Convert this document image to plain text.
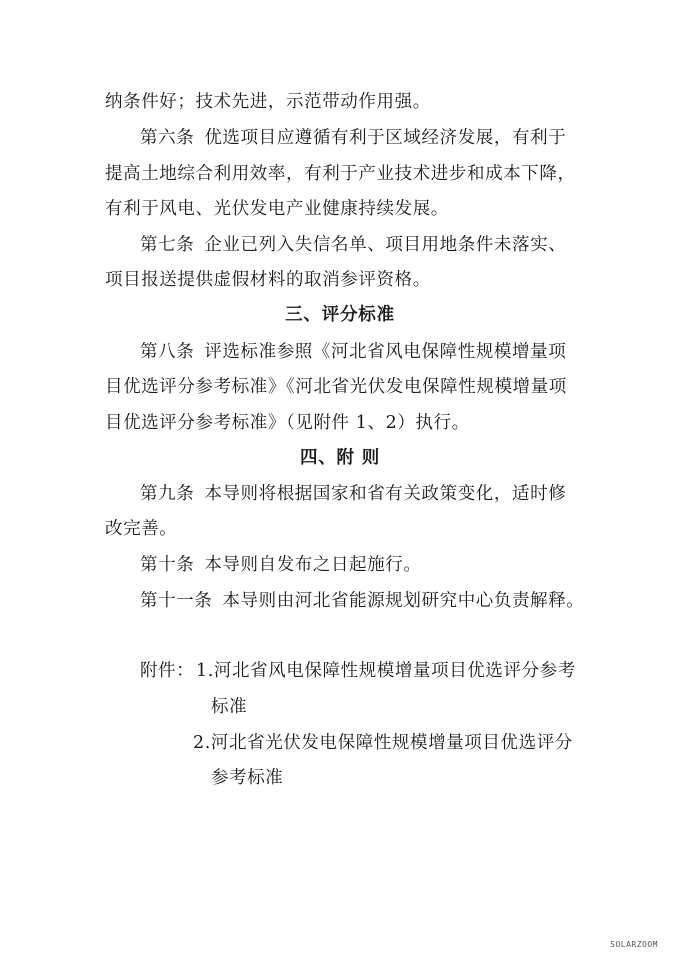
纳条件好；技术先进，示范带动作用强。
第六条 优选项目应遵循有利于区域经济发展，有利于
提高土地综合利用效率，有利于产业技术进步和成本下降，
有利于风电、光伏发电产业健康持续发展。
第七条 企业已列入失信名单、项目用地条件未落实、
项目报送提供虚假材料的取消参评资格。
三、评分标准
第八条 评选标准参照《河北省风电保障性规模增量项
目优选评分参考标准》《河北省光伏发电保障性规模增量项
目优选评分参考标准》（见附件 1、2）执行。
四、附 则
第九条 本导则将根据国家和省有关政策变化，适时修
改完善。
第十条 本导则自发布之日起施行。
第十一条 本导则由河北省能源规划研究中心负责解释。
附件： 1.河北省风电保障性规模增量项目优选评分参考
标准
2.河北省光伏发电保障性规模增量项目优选评分
参考标准
SOLARZOOM
